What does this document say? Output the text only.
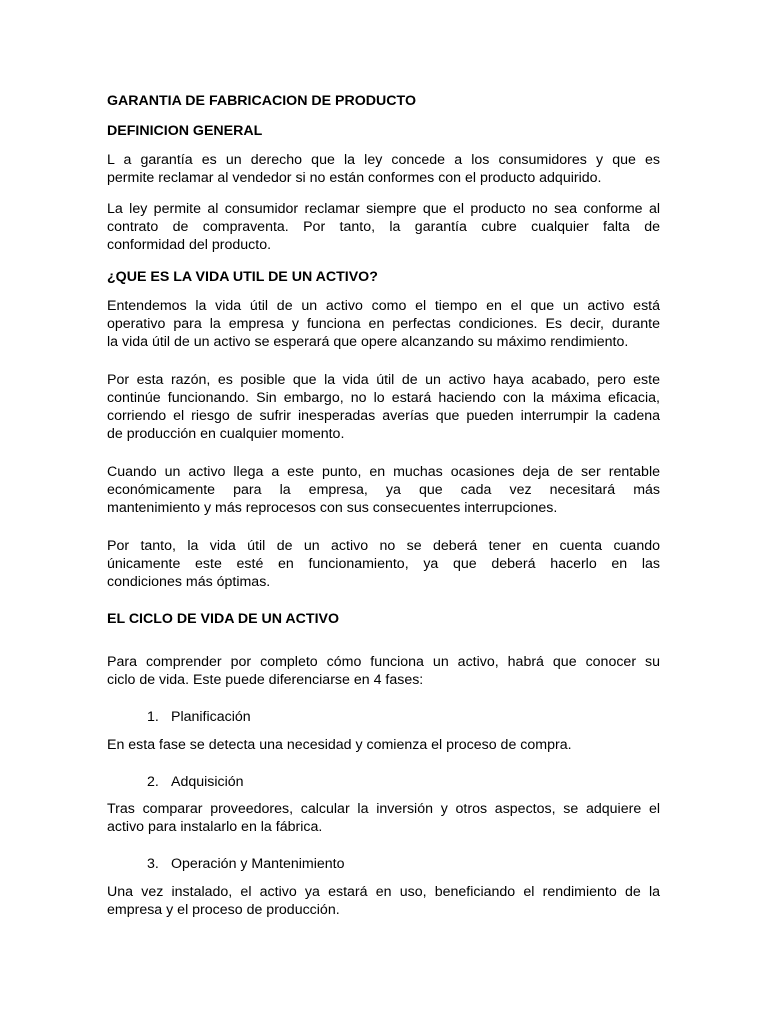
GARANTIA DE FABRICACION DE PRODUCTO
DEFINICION GENERAL
L a garantía es un derecho que la ley concede a los consumidores y que es
permite reclamar al vendedor si no están conformes con el producto adquirido.
La ley permite al consumidor reclamar siempre que el producto no sea conforme al
contrato de compraventa. Por tanto, la garantía cubre cualquier falta de
conformidad del producto.
¿QUE ES LA VIDA UTIL DE UN ACTIVO?
Entendemos la vida útil de un activo como el tiempo en el que un activo está
operativo para la empresa y funciona en perfectas condiciones. Es decir, durante
la vida útil de un activo se esperará que opere alcanzando su máximo rendimiento.
Por esta razón, es posible que la vida útil de un activo haya acabado, pero este
continúe funcionando. Sin embargo, no lo estará haciendo con la máxima eficacia,
corriendo el riesgo de sufrir inesperadas averías que pueden interrumpir la cadena
de producción en cualquier momento.
Cuando un activo llega a este punto, en muchas ocasiones deja de ser rentable
económicamente para la empresa, ya que cada vez necesitará más
mantenimiento y más reprocesos con sus consecuentes interrupciones.
Por tanto, la vida útil de un activo no se deberá tener en cuenta cuando
únicamente este esté en funcionamiento, ya que deberá hacerlo en las
condiciones más óptimas.
EL CICLO DE VIDA DE UN ACTIVO
Para comprender por completo cómo funciona un activo, habrá que conocer su
ciclo de vida. Este puede diferenciarse en 4 fases:
1. Planificación
En esta fase se detecta una necesidad y comienza el proceso de compra.
2. Adquisición
Tras comparar proveedores, calcular la inversión y otros aspectos, se adquiere el
activo para instalarlo en la fábrica.
3. Operación y Mantenimiento
Una vez instalado, el activo ya estará en uso, beneficiando el rendimiento de la
empresa y el proceso de producción.
